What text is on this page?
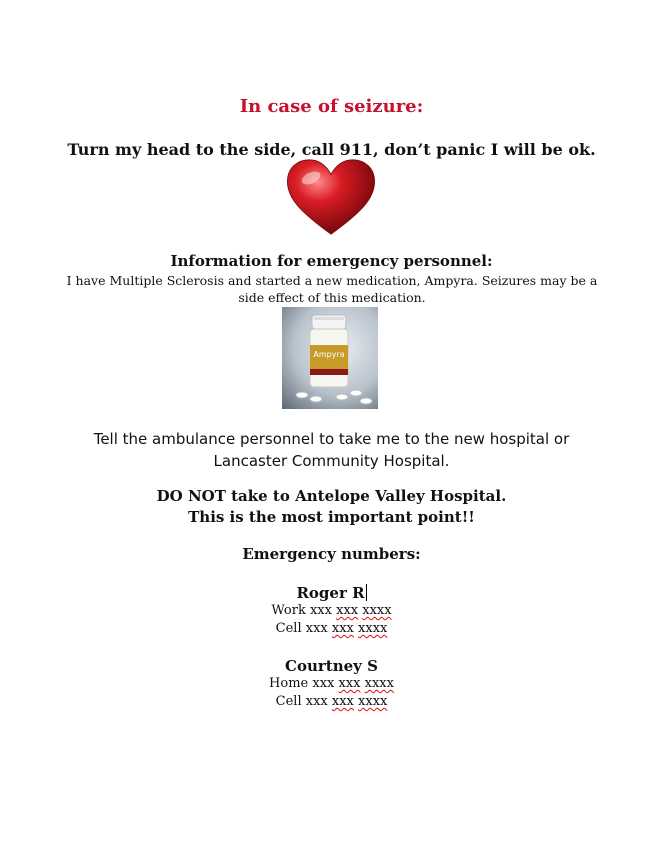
In case of seizure:
Turn my head to the side, call 911, don’t panic I will be ok.
Information for emergency personnel:
I have Multiple Sclerosis and started a new medication, Ampyra. Seizures may be a
side effect of this medication.
Ampyra
Tell the ambulance personnel to take me to the new hospital or
Lancaster Community Hospital.
DO NOT take to Antelope Valley Hospital.
This is the most important point!!
Emergency numbers:
Roger R
Work xxx xxx xxxx
Cell xxx xxx xxxx
Courtney S
Home xxx xxx xxxx
Cell xxx xxx xxxx
